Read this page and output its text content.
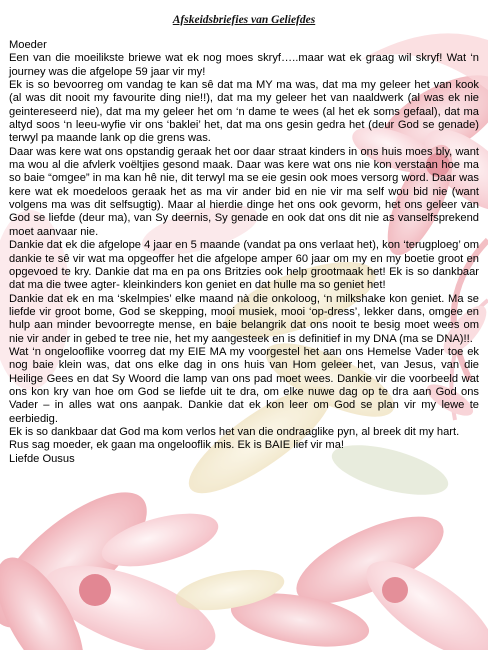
Afskeidsbriefies van Geliefdes

Moeder

Een van die moeilikste briewe wat ek nog moes skryf…..maar wat ek graag wil skryf! Wat ‘n journey was die afgelope 59 jaar vir my!

Ek is so bevoorreg om vandag te kan sê dat ma MY ma was, dat ma my geleer het van kook (al was dit nooit my favourite ding nie!!), dat ma my geleer het van naaldwerk (al was ek nie geintereseerd nie), dat ma my geleer het om ‘n dame te wees (al het ek soms gefaal), dat ma altyd soos ‘n leeu-wyfie vir ons ‘baklei’ het, dat ma ons gesin gedra het (deur God se genade) terwyl pa maande lank op die grens was.

Daar was kere wat ons opstandig geraak het oor daar straat kinders in ons huis moes bly, want ma wou al die afvlerk voëltjies gesond maak. Daar was kere wat ons nie kon verstaan hoe ma so baie “omgee” in ma kan hê nie, dit terwyl ma se eie gesin ook moes versorg word. Daar was kere wat ek moedeloos geraak het as ma vir ander bid en nie vir ma self wou bid nie (want volgens ma was dit selfsugtig). Maar al hierdie dinge het ons ook gevorm, het ons geleer van God se liefde (deur ma), van Sy deernis, Sy genade en ook dat ons dit nie as vanselfsprekend moet aanvaar nie.

Dankie dat ek die afgelope 4 jaar en 5 maande (vandat pa ons verlaat het), kon ‘terugploeg’ om dankie te sê vir wat ma opgeoffer het die afgelope amper 60 jaar om my en my boetie groot en opgevoed te kry. Dankie dat ma en pa ons Britzies ook help grootmaak het! Ek is so dankbaar dat ma die twee agter- kleinkinders kon geniet en dat hulle ma so geniet het!

Dankie dat ek en ma ‘skelmpies’ elke maand nà die onkoloog, ‘n milkshake kon geniet. Ma se liefde vir groot bome, God se skepping, mooi musiek, mooi ‘op-dress’, lekker dans, omgee en hulp aan minder bevoorregte mense, en baie belangrik dat ons nooit te besig moet wees om nie vir ander in gebed te tree nie, het my aangesteek en is definitief in my DNA (ma se DNA)!!.

Wat ‘n ongelooflike voorreg dat my EIE MA my voorgestel het aan ons Hemelse Vader toe ek nog baie klein was, dat ons elke dag in ons huis van Hom geleer het, van Jesus, van die Heilige Gees en dat Sy Woord die lamp van ons pad moet wees. Dankie vir die voorbeeld wat ons kon kry van hoe om God se liefde uit te dra, om elke nuwe dag op te dra aan God ons Vader – in alles wat ons aanpak. Dankie dat ek kon leer om God se plan vir my lewe te eerbiedig.

Ek is so dankbaar dat God ma kom verlos het van die ondraaglike pyn, al breek dit my hart.

Rus sag moeder, ek gaan ma ongelooflik mis. Ek is BAIE lief vir ma!

Liefde Ousus
